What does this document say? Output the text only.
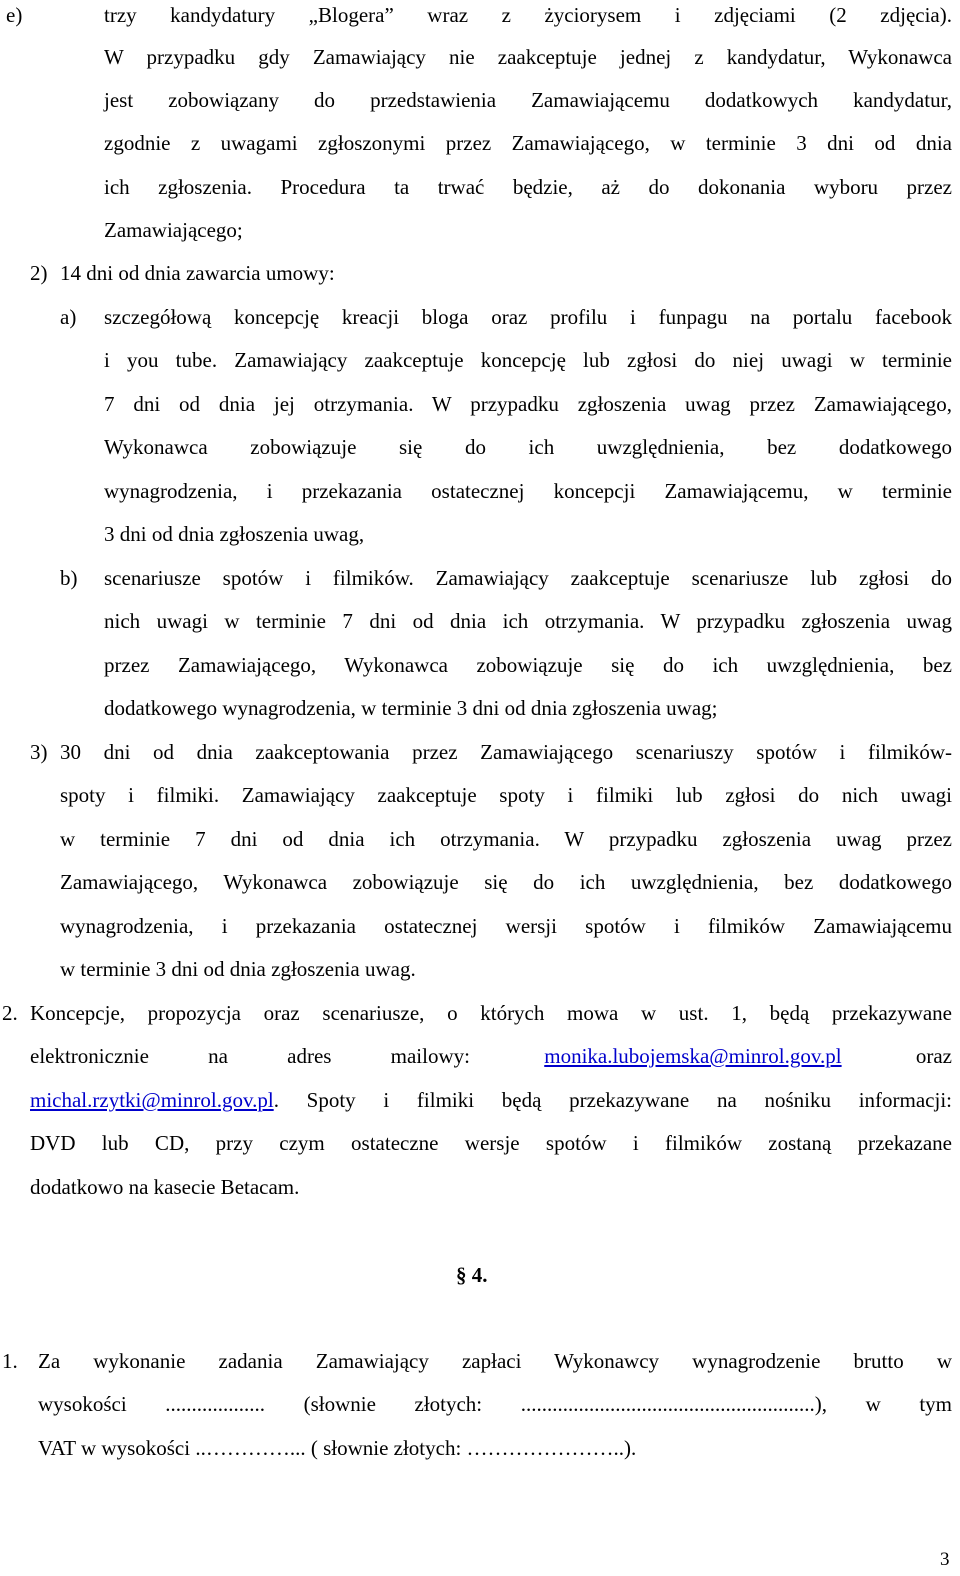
e)	trzy kandydatury „Blogera” wraz z życiorysem i zdjęciami (2 zdjęcia).
W przypadku gdy Zamawiający nie zaakceptuje jednej z kandydatur, Wykonawca
jest zobowiązany do przedstawienia Zamawiającemu dodatkowych kandydatur,
zgodnie z uwagami zgłoszonymi przez Zamawiającego, w terminie 3 dni od dnia
ich zgłoszenia. Procedura ta trwać będzie, aż do dokonania wyboru przez
Zamawiającego;
2) 14 dni od dnia zawarcia umowy:
a) szczegółową koncepcję kreacji bloga oraz profilu i funpagu na portalu facebook
i you tube. Zamawiający zaakceptuje koncepcję lub zgłosi do niej uwagi w terminie
7 dni od dnia jej otrzymania. W przypadku zgłoszenia uwag przez Zamawiającego,
Wykonawca zobowiązuje się do ich uwzględnienia, bez dodatkowego
wynagrodzenia, i przekazania ostatecznej koncepcji Zamawiającemu, w terminie
3 dni od dnia zgłoszenia uwag,
b) scenariusze spotów i filmików. Zamawiający zaakceptuje scenariusze lub zgłosi do
nich uwagi w terminie 7 dni od dnia ich otrzymania. W przypadku zgłoszenia uwag
przez Zamawiającego, Wykonawca zobowiązuje się do ich uwzględnienia, bez
dodatkowego wynagrodzenia, w terminie 3 dni od dnia zgłoszenia uwag;
3) 30 dni od dnia zaakceptowania przez Zamawiającego scenariuszy spotów i filmików-
spoty i filmiki. Zamawiający zaakceptuje spoty i filmiki lub zgłosi do nich uwagi
w terminie 7 dni od dnia ich otrzymania. W przypadku zgłoszenia uwag przez
Zamawiającego, Wykonawca zobowiązuje się do ich uwzględnienia, bez dodatkowego
wynagrodzenia, i przekazania ostatecznej wersji spotów i filmików Zamawiającemu
w terminie 3 dni od dnia zgłoszenia uwag.
2. Koncepcje, propozycja oraz scenariusze, o których mowa w ust. 1, będą przekazywane
elektronicznie	na	adres	mailowy:	monika.lubojemska@minrol.gov.pl	oraz
michal.rzytki@minrol.gov.pl . Spoty i filmiki będą przekazywane na nośniku informacji:
DVD lub CD, przy czym ostateczne wersje spotów i filmików zostaną przekazane
dodatkowo na kasecie Betacam.
§ 4.
1. Za wykonanie zadania Zamawiający zapłaci Wykonawcy wynagrodzenie brutto w
wysokości ................... (słownie złotych: ........................................................), w tym
VAT w wysokości ..…………... ( słownie złotych: …………………..).
3
